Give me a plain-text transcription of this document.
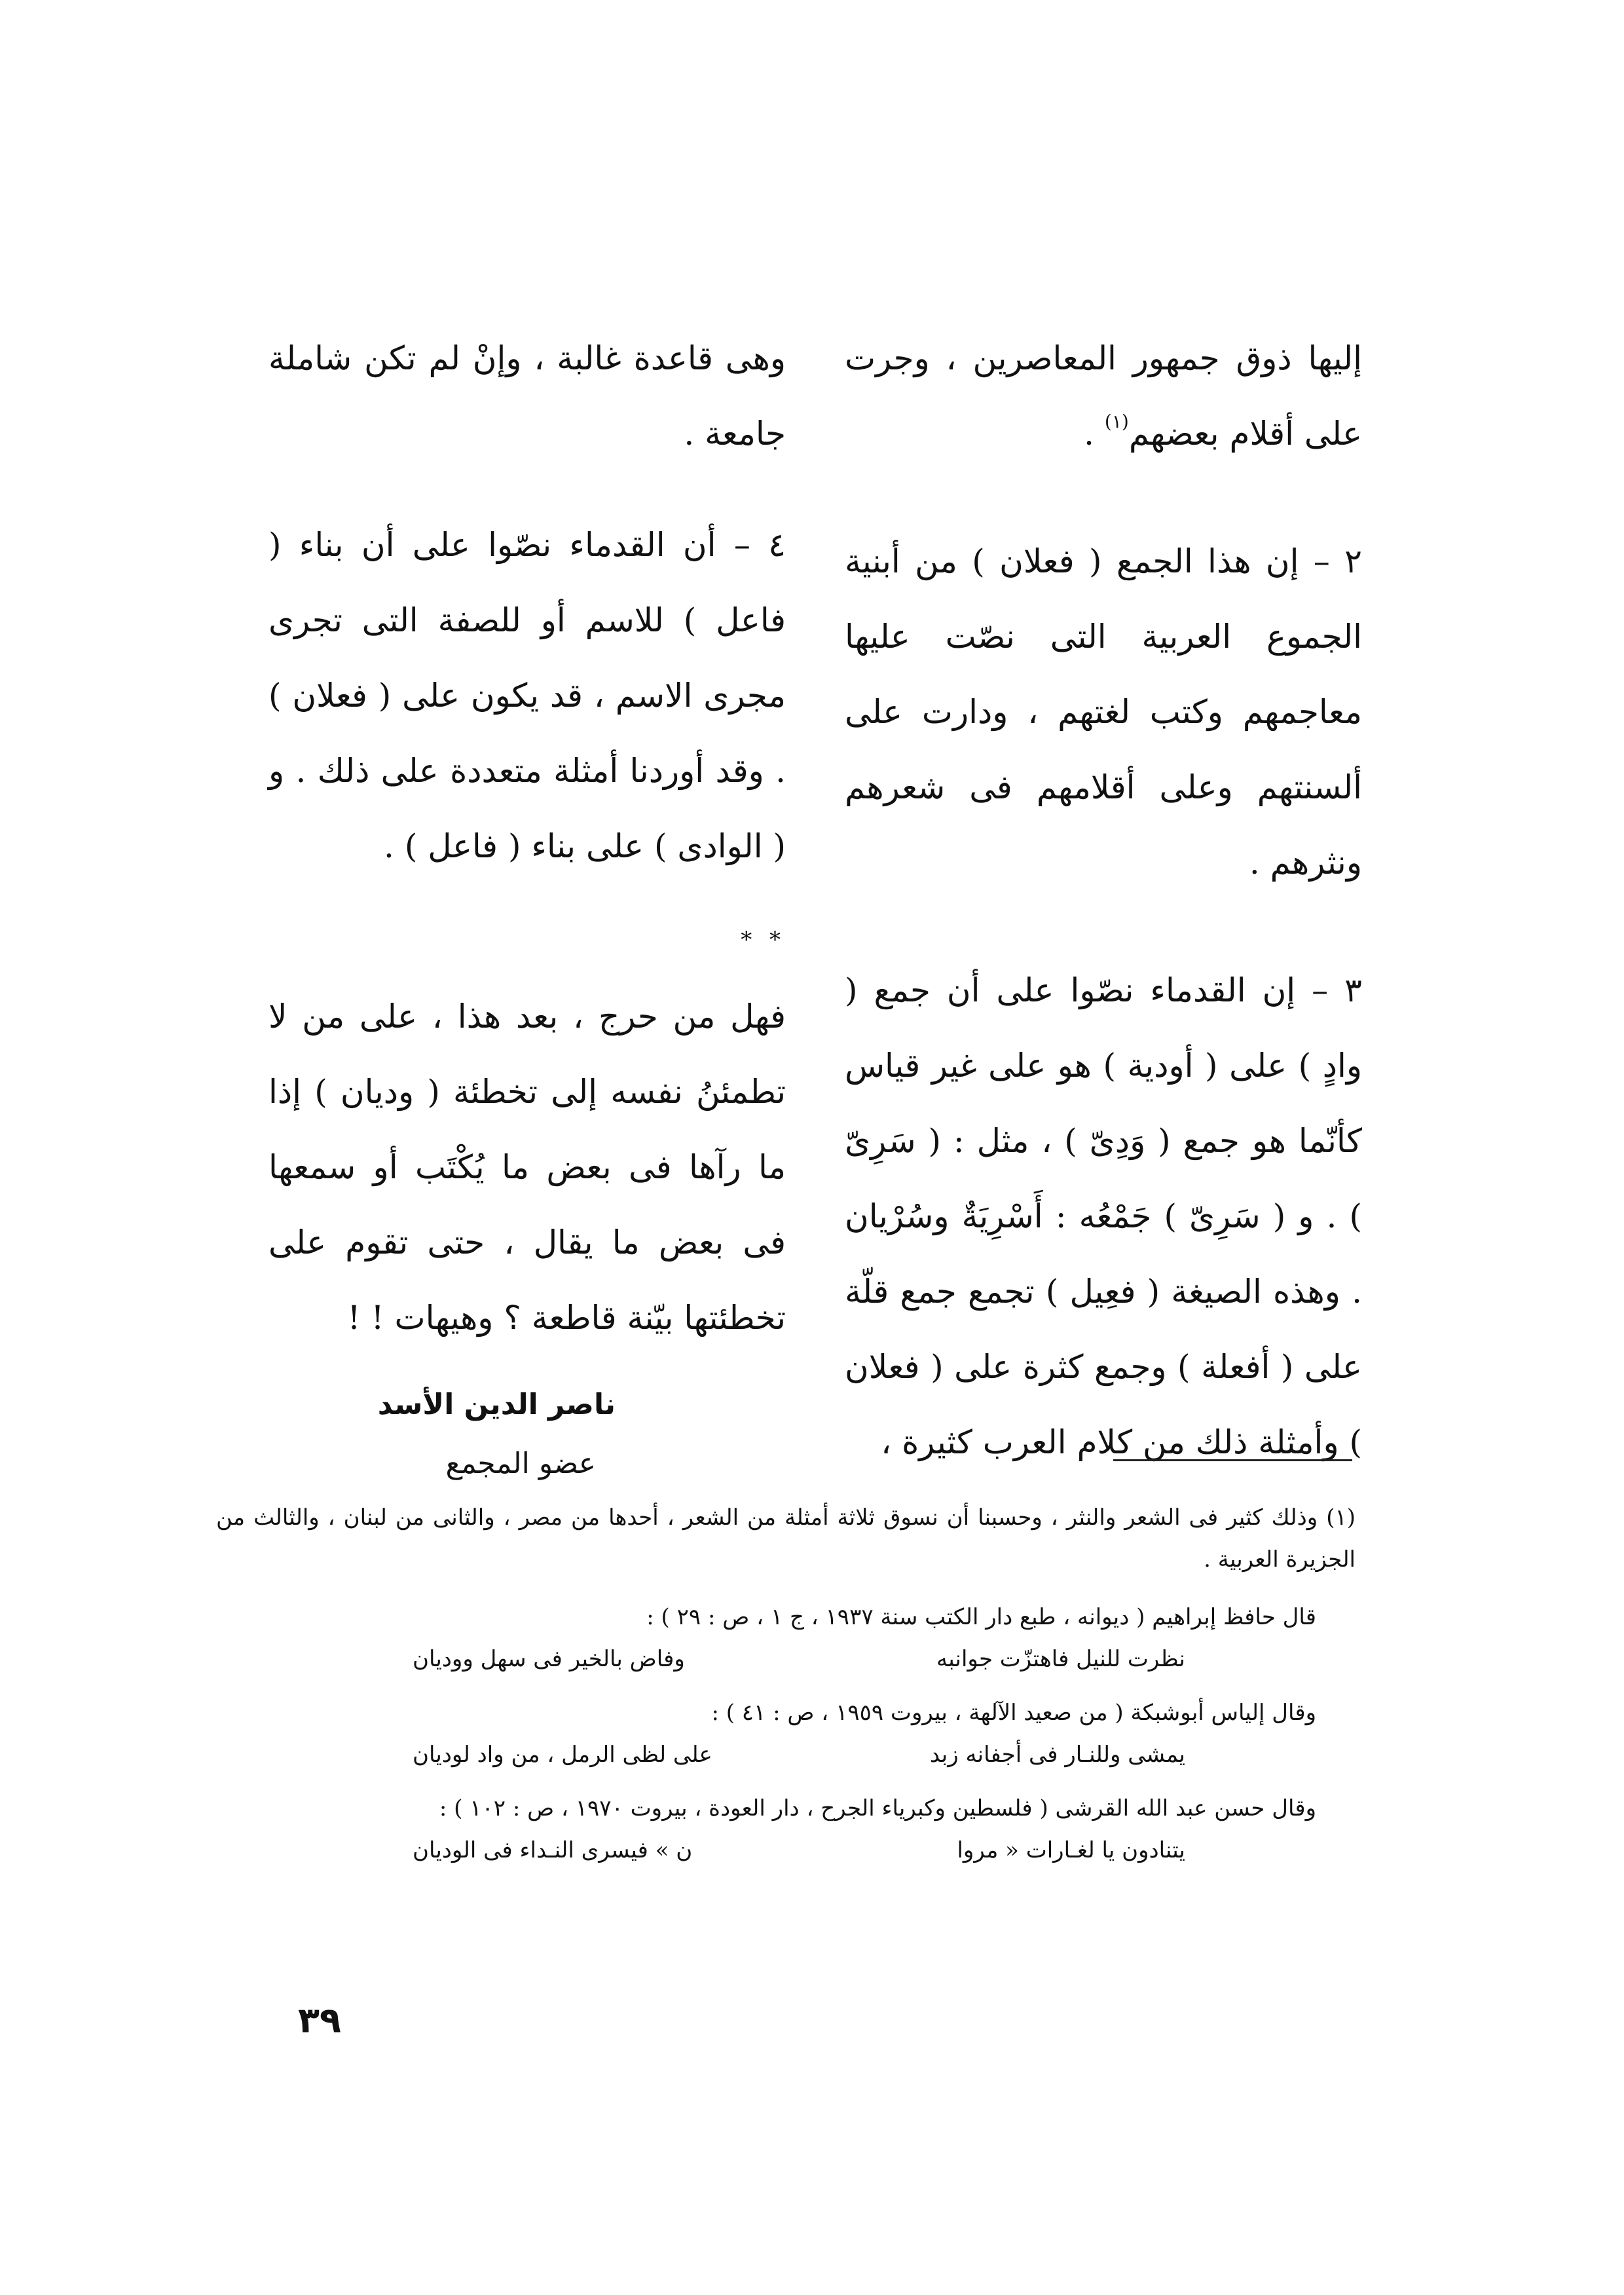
إليها ذوق جمهور المعاصرين ، وجرت على أقلام بعضهم$^{(١)}$ .

٢ – إن هذا الجمع ( فعلان ) من أبنية الجموع العربية التى نصّت عليها معاجمهم وكتب لغتهم ، ودارت على ألسنتهم وعلى أقلامهم فى شعرهم ونثرهم .

٣ – إن القدماء نصّوا على أن جمع ( وادٍ ) على ( أودية ) هو على غير قياس كأنّما هو جمع ( وَدِىّ ) ، مثل : ( سَرِىّ ) . و ( سَرِىّ ) جَمْعُه : أَسْرِيَةٌ وسُرْيان . وهذه الصيغة ( فعِيل ) تجمع جمع قلّة على ( أفعلة ) وجمع كثرة على ( فعلان ) وأمثلة ذلك من كلام العرب كثيرة ،

وهى قاعدة غالبة ، وإنْ لم تكن شاملة جامعة .

٤ – أن القدماء نصّوا على أن بناء ( فاعل ) للاسم أو للصفة التى تجرى مجرى الاسم ، قد يكون على ( فعلان ) . وقد أوردنا أمثلة متعددة على ذلك . و ( الوادى ) على بناء ( فاعل ) .

* *

فهل من حرج ، بعد هذا ، على من لا تطمئنُ نفسه إلى تخطئة ( وديان ) إذا ما رآها فى بعض ما يُكْتَب أو سمعها فى بعض ما يقال ، حتى تقوم على تخطئتها بيّنة قاطعة ؟ وهيهات ! !

ناصر الدين الأسد
عضو المجمع

(١) وذلك كثير فى الشعر والنثر ، وحسبنا أن نسوق ثلاثة أمثلة من الشعر ، أحدها من مصر ، والثانى من لبنان ، والثالث من الجزيرة العربية .

قال حافظ إبراهيم ( ديوانه ، طبع دار الكتب سنة ١٩٣٧ ، ج ١ ، ص : ٢٩ ) :

نظرت للنيل فاهتزّت جوانبه
وفاض بالخير فى سهل ووديان

وقال إلياس أبوشبكة ( من صعيد الآلهة ، بيروت ١٩٥٩ ، ص : ٤١ ) :

يمشى وللنـار فى أجفانه زبد
على لظى الرمل ، من واد لوديان

وقال حسن عبد الله القرشى ( فلسطين وكبرياء الجرح ، دار العودة ، بيروت ١٩٧٠ ، ص : ١٠٢ ) :

يتنادون يا لغـارات « مروا
ن » فيسرى النـداء فى الوديان
٣٩
